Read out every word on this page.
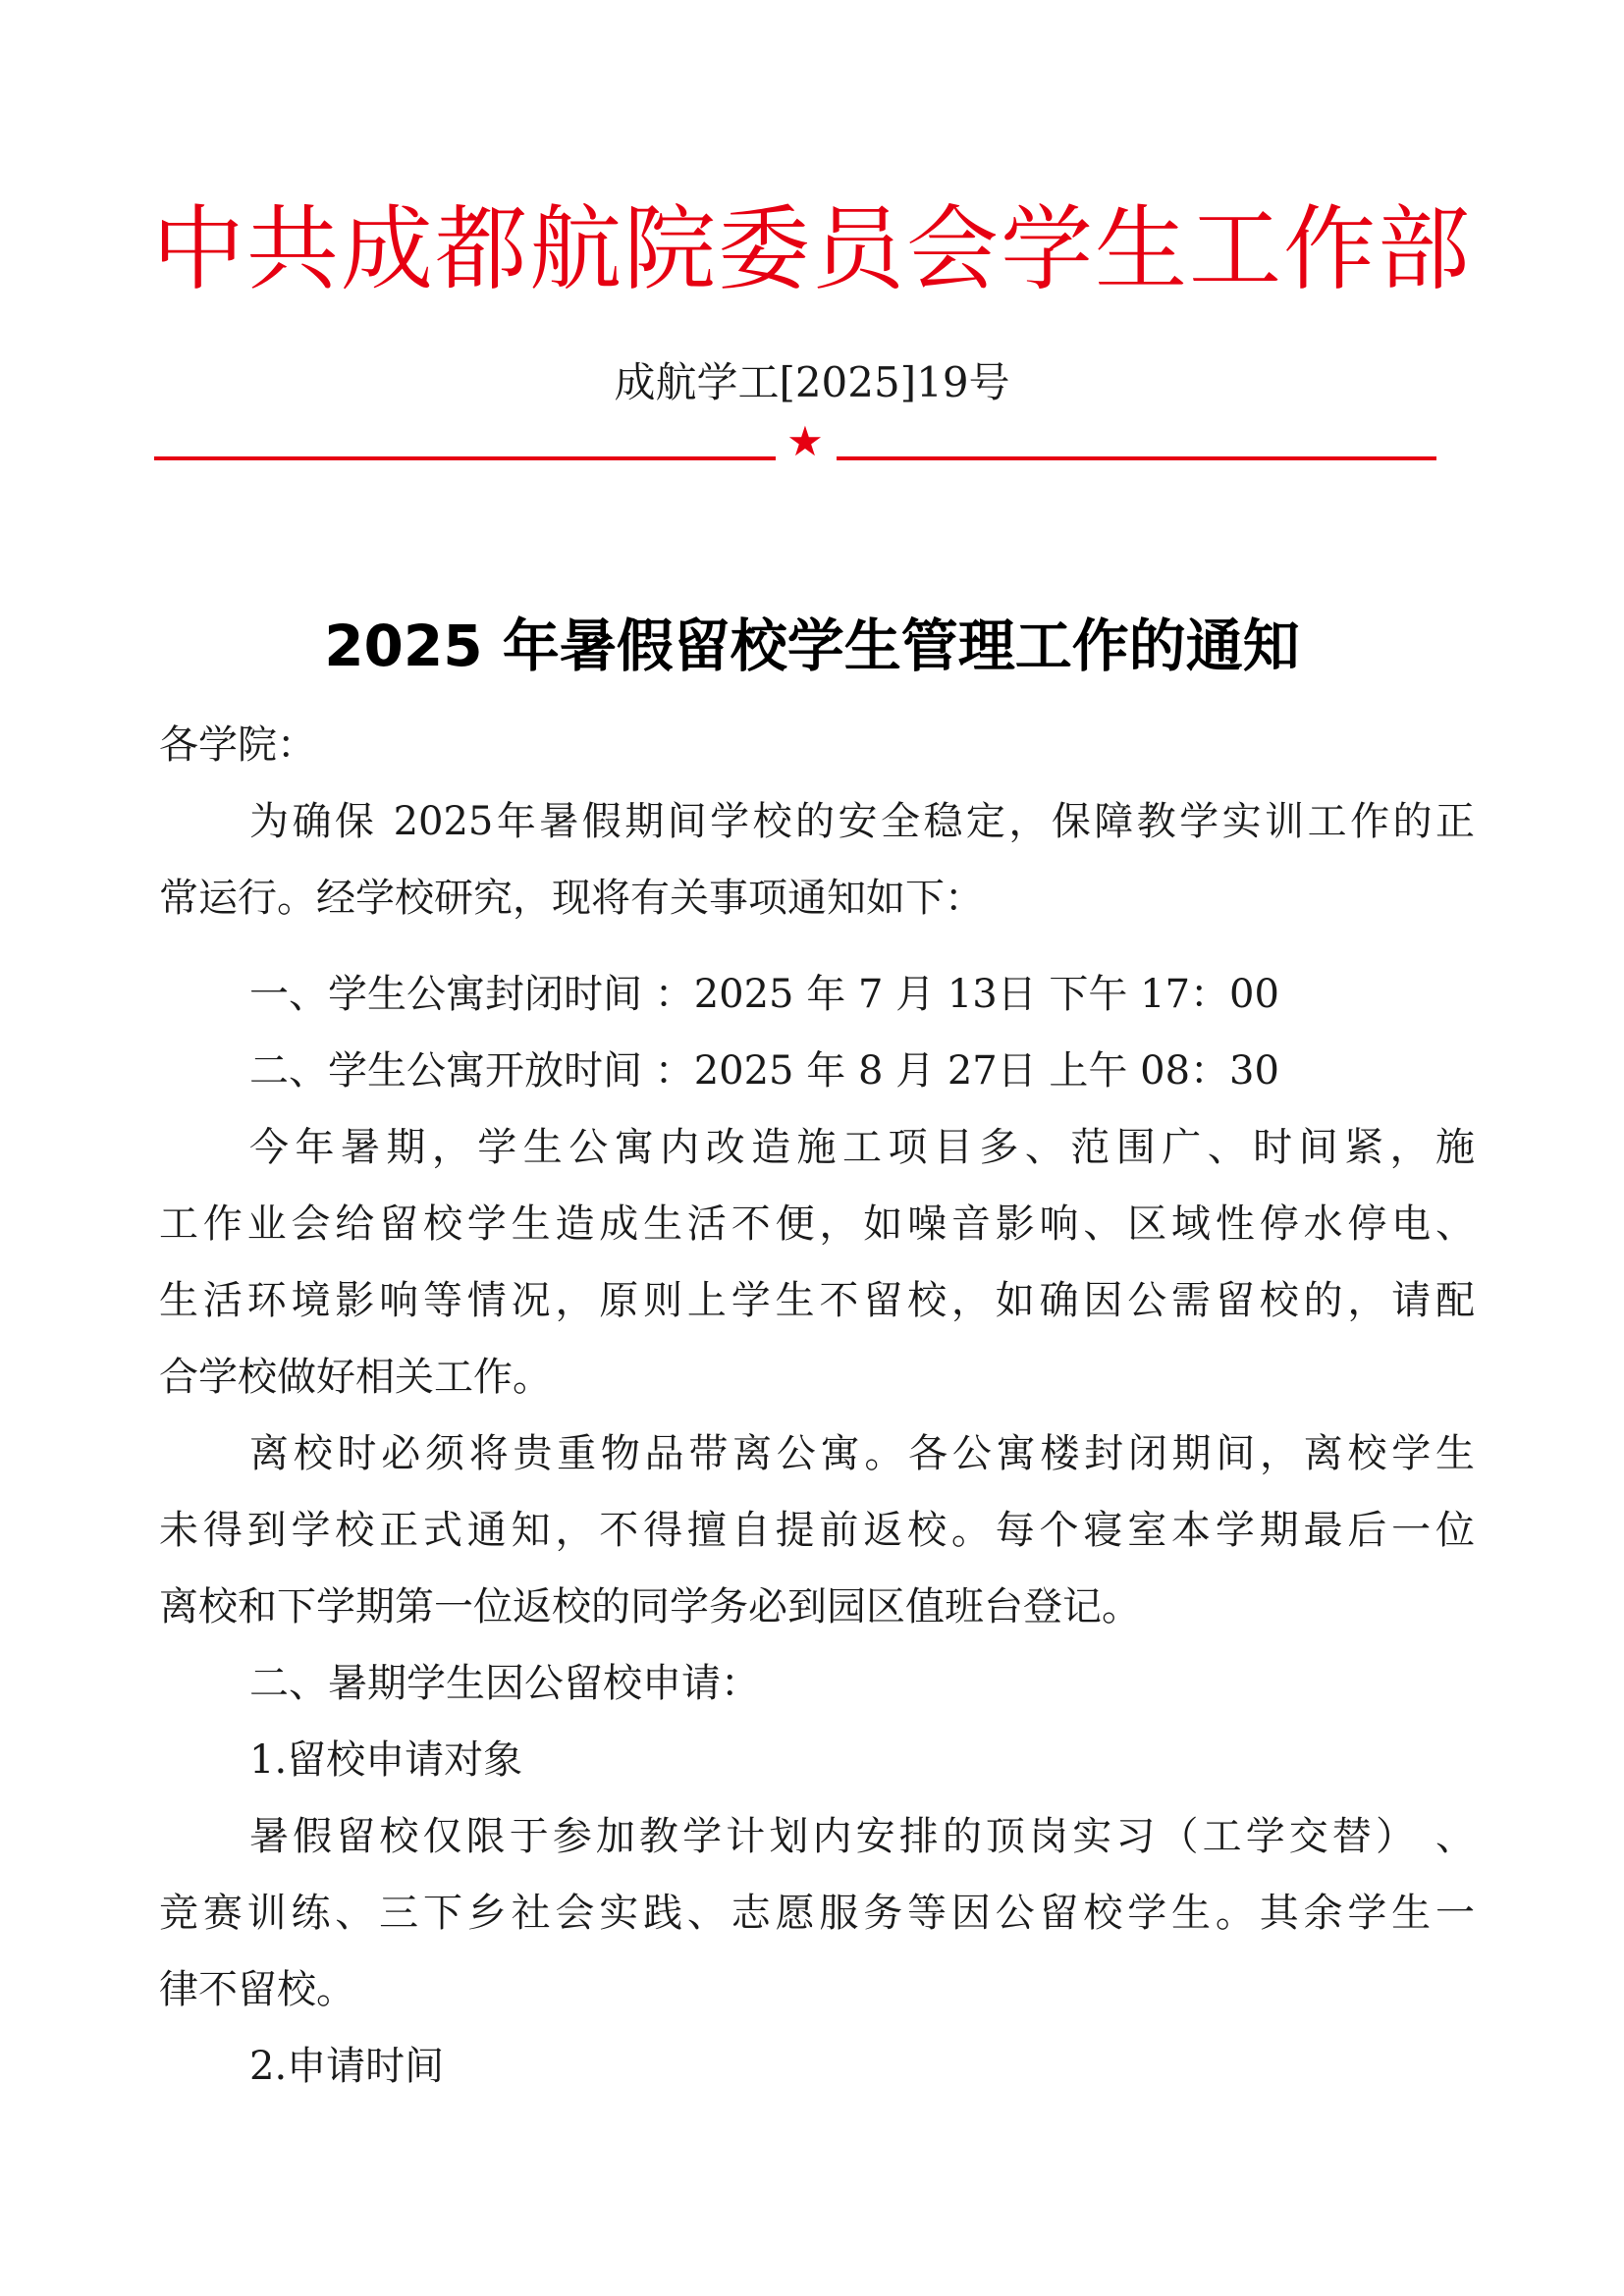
中共成都航院委员会学生工作部
成航学工[2025]19号
★
2025 年暑假留校学生管理工作的通知
各学院：
为确保 2025年暑假期间学校的安全稳定，保障教学实训工作的正
常运行。经学校研究，现将有关事项通知如下：
一、学生公寓封闭时间 ：2025 年 7 月 13日 下午 17：00
二、学生公寓开放时间 ：2025 年 8 月 27日 上午 08：30
今年暑期，学生公寓内改造施工项目多、范围广、时间紧，施
工作业会给留校学生造成生活不便，如噪音影响、区域性停水停电、
生活环境影响等情况，原则上学生不留校，如确因公需留校的，请配
合学校做好相关工作。
离校时必须将贵重物品带离公寓。各公寓楼封闭期间，离校学生
未得到学校正式通知，不得擅自提前返校。每个寝室本学期最后一位
离校和下学期第一位返校的同学务必到园区值班台登记。
二、暑期学生因公留校申请：
1.留校申请对象
暑假留校仅限于参加教学计划内安排的顶岗实习（工学交替） 、
竞赛训练、三下乡社会实践、志愿服务等因公留校学生。其余学生一
律不留校。
2.申请时间
